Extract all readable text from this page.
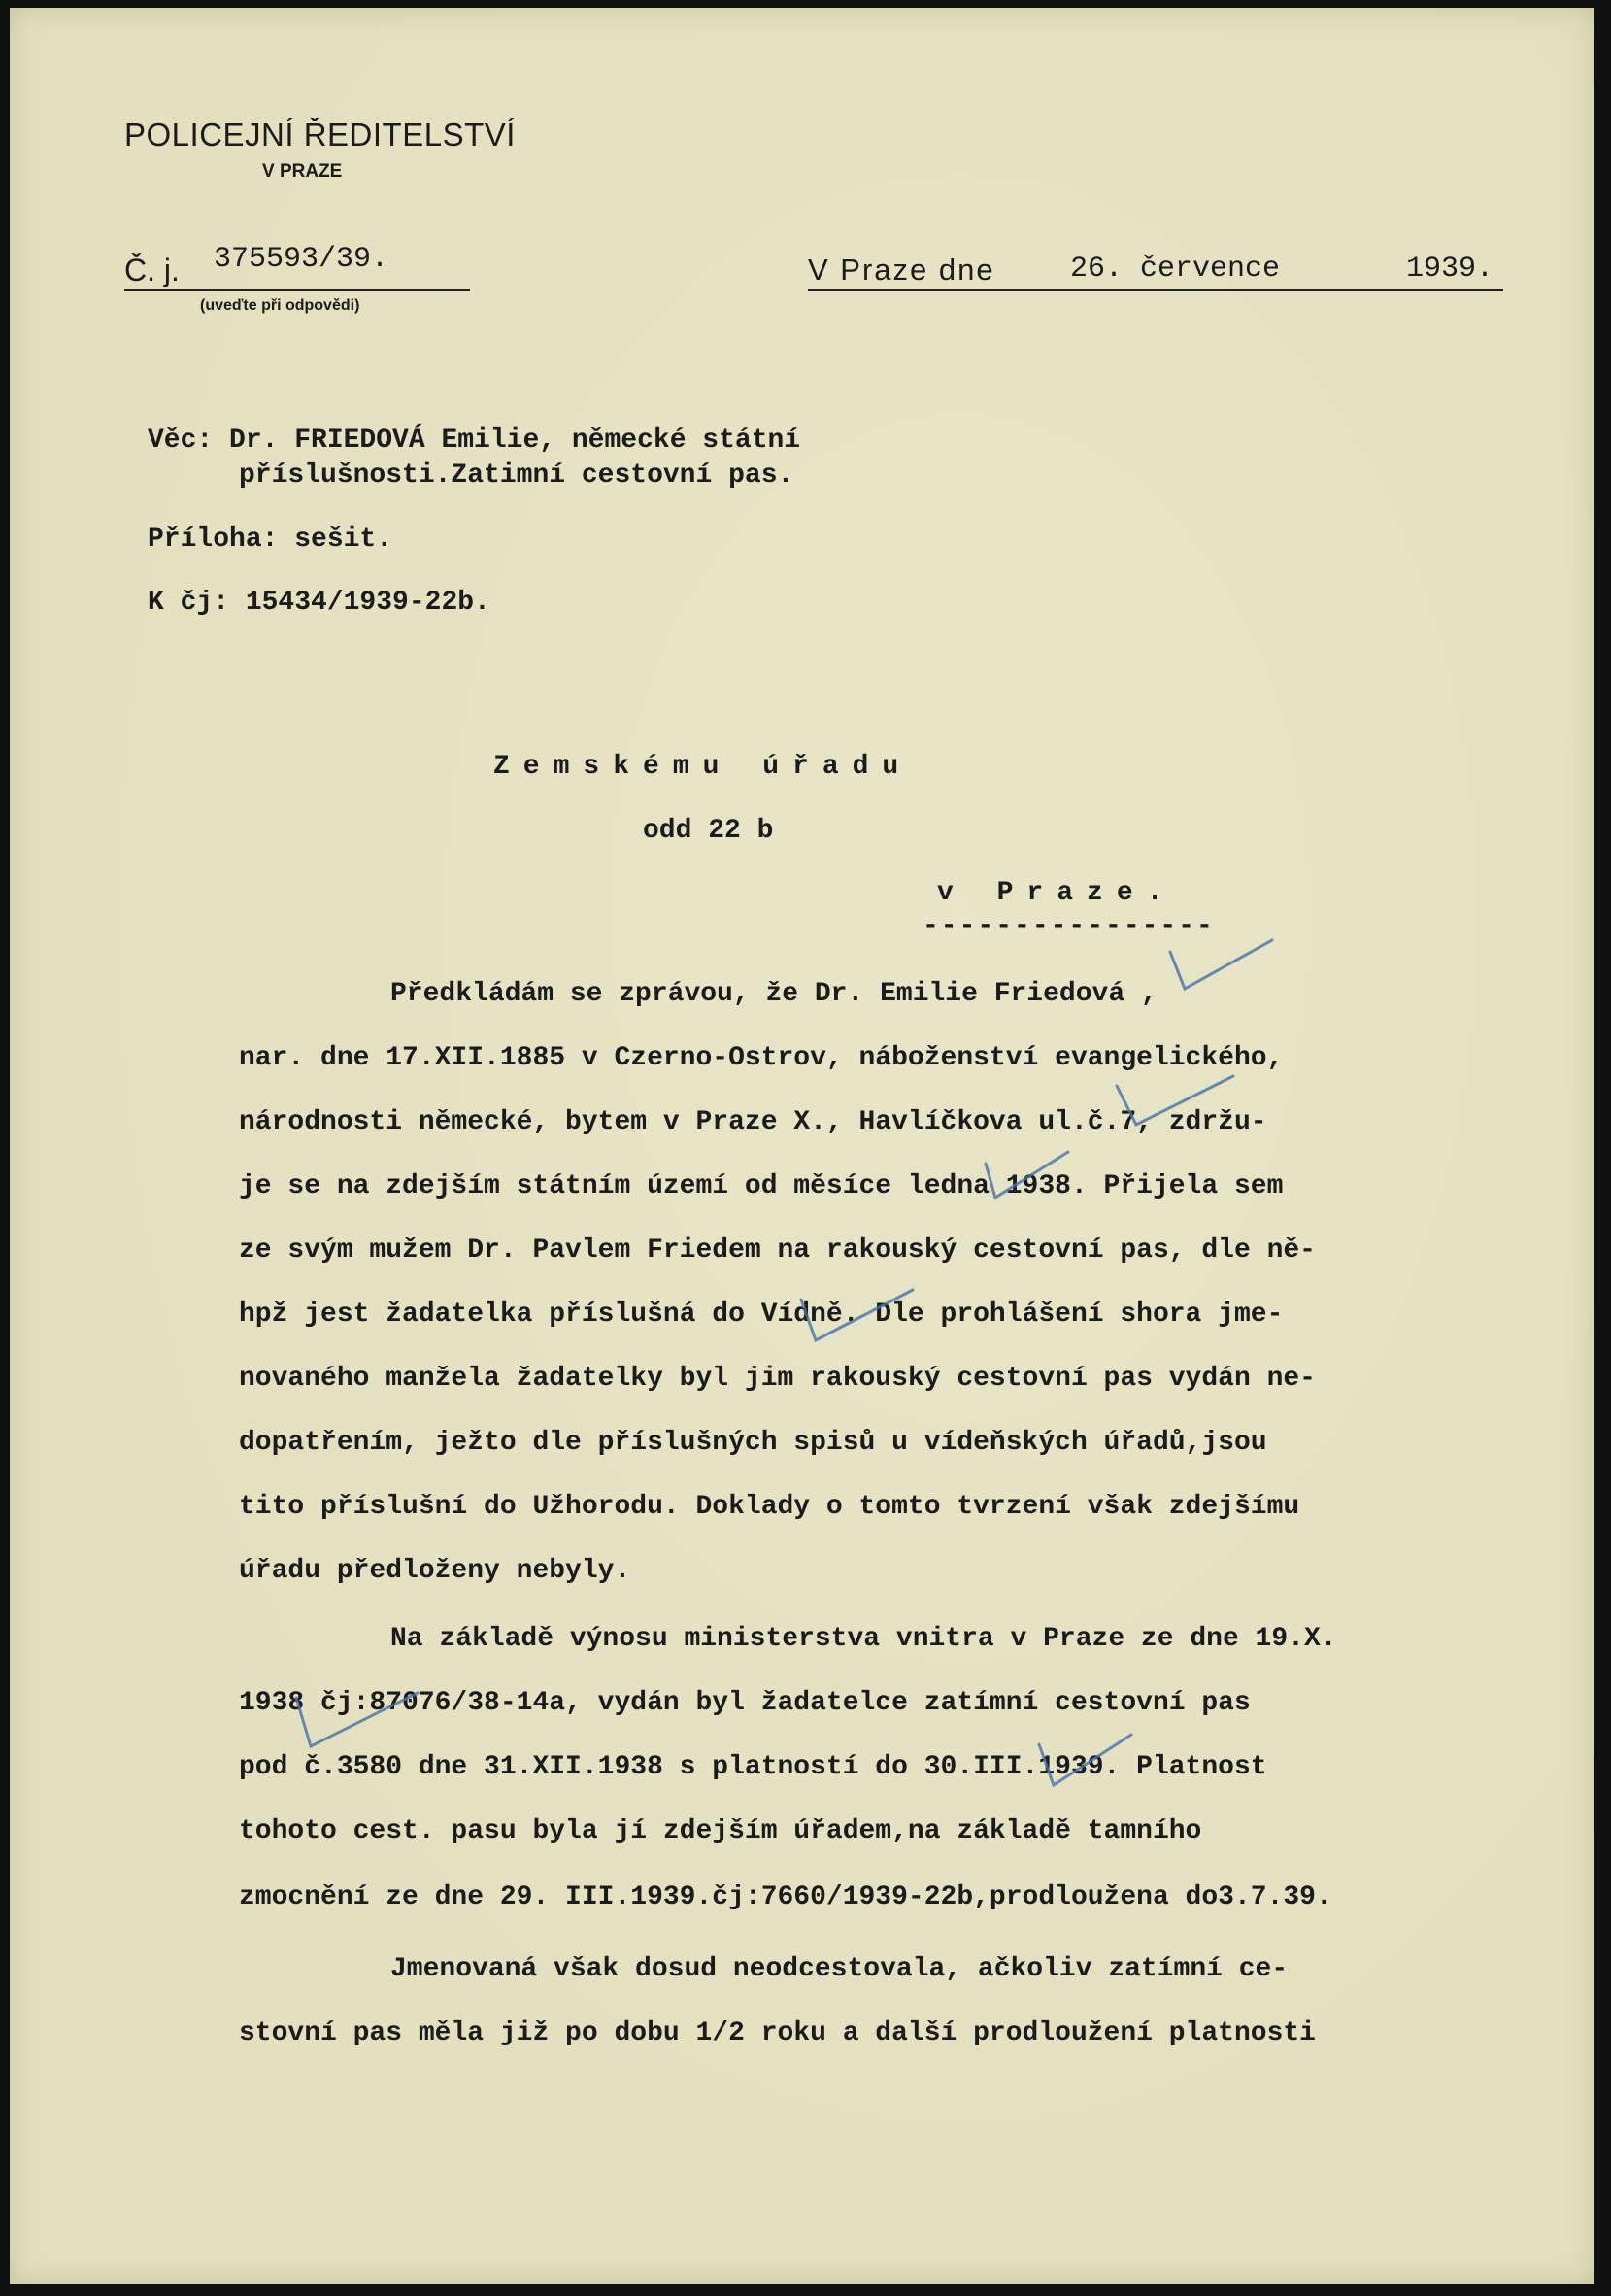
POLICEJNÍ ŘEDITELSTVÍ
V PRAZE
Č. j. 375593/39.
(uveďte při odpovědi)
V Praze dne	26. července	1939.
Věc: Dr. FRIEDOVÁ Emilie, německé státní
příslušnosti.Zatimní cestovní pas.
Příloha: sešit.
K čj: 15434/1939-22b.
Zemskému úřadu
odd 22 b
v Praze.
----------------
Předkládám se zprávou, že Dr. Emilie Friedová ,
nar. dne 17.XII.1885 v Czerno-Ostrov, náboženství evangelického,
národnosti německé, bytem v Praze X., Havlíčkova ul.č.7, zdržu-
je se na zdejším státním území od měsíce ledna 1938. Přijela sem
ze svým mužem Dr. Pavlem Friedem na rakouský cestovní pas, dle ně-
hpž jest žadatelka příslušná do Vídně. Dle prohlášení shora jme-
novaného manžela žadatelky byl jim rakouský cestovní pas vydán ne-
dopatřením, ježto dle příslušných spisů u vídeňských úřadů,jsou
tito příslušní do Užhorodu. Doklady o tomto tvrzení však zdejšímu
úřadu předloženy nebyly.
Na základě výnosu ministerstva vnitra v Praze ze dne 19.X.
1938 čj:87076/38-14a, vydán byl žadatelce zatímní cestovní pas
pod č.3580 dne 31.XII.1938 s platností do 30.III.1939. Platnost
tohoto cest. pasu byla jí zdejším úřadem,na základě tamního
zmocnění ze dne 29. III.1939.čj:7660/1939-22b,prodloužena do3.7.39.
Jmenovaná však dosud neodcestovala, ačkoliv zatímní ce-
stovní pas měla již po dobu 1/2 roku a další prodloužení platnosti
